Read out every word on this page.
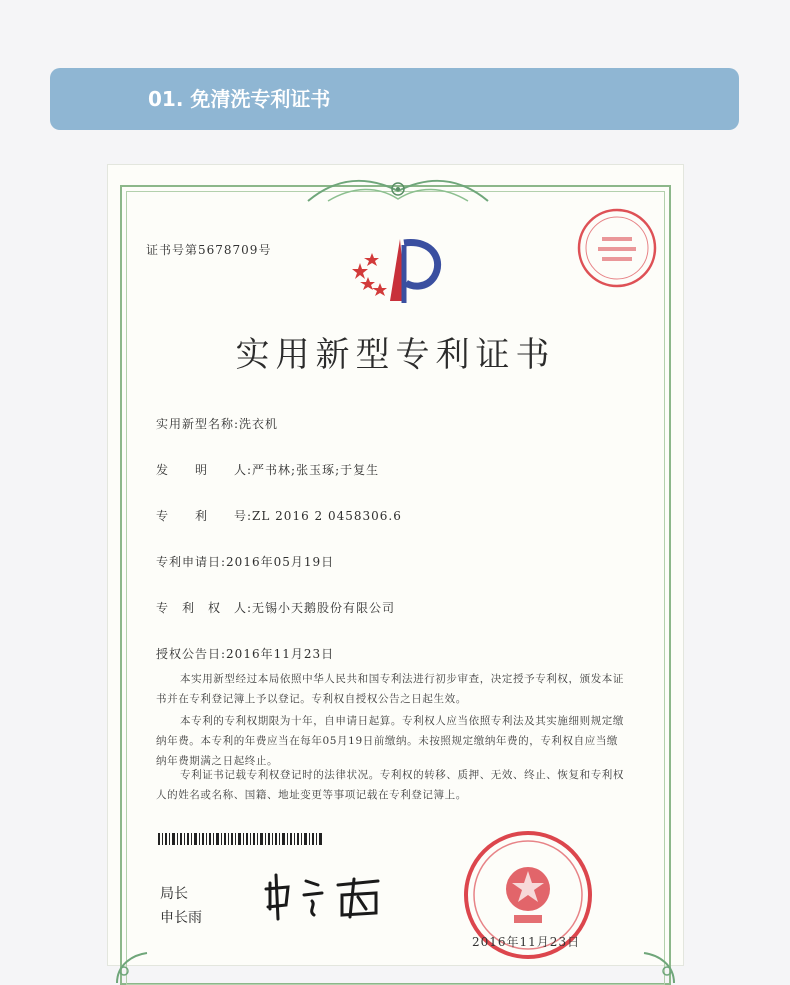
01. 免清洗专利证书
证书号第5678709号
实用新型专利证书
实用新型名称:洗衣机
发　　明　　人:严书林;张玉琢;于复生
专　　利　　号:ZL 2016 2 0458306.6
专利申请日:2016年05月19日
专　利　权　人:无锡小天鹅股份有限公司
授权公告日:2016年11月23日
本实用新型经过本局依照中华人民共和国专利法进行初步审查，决定授予专利权，颁发本证书并在专利登记簿上予以登记。专利权自授权公告之日起生效。
本专利的专利权期限为十年，自申请日起算。专利权人应当依照专利法及其实施细则规定缴纳年费。本专利的年费应当在每年05月19日前缴纳。未按照规定缴纳年费的，专利权自应当缴纳年费期满之日起终止。
专利证书记载专利权登记时的法律状况。专利权的转移、质押、无效、终止、恢复和专利权人的姓名或名称、国籍、地址变更等事项记载在专利登记簿上。
局长
申长雨
2016年11月23日
